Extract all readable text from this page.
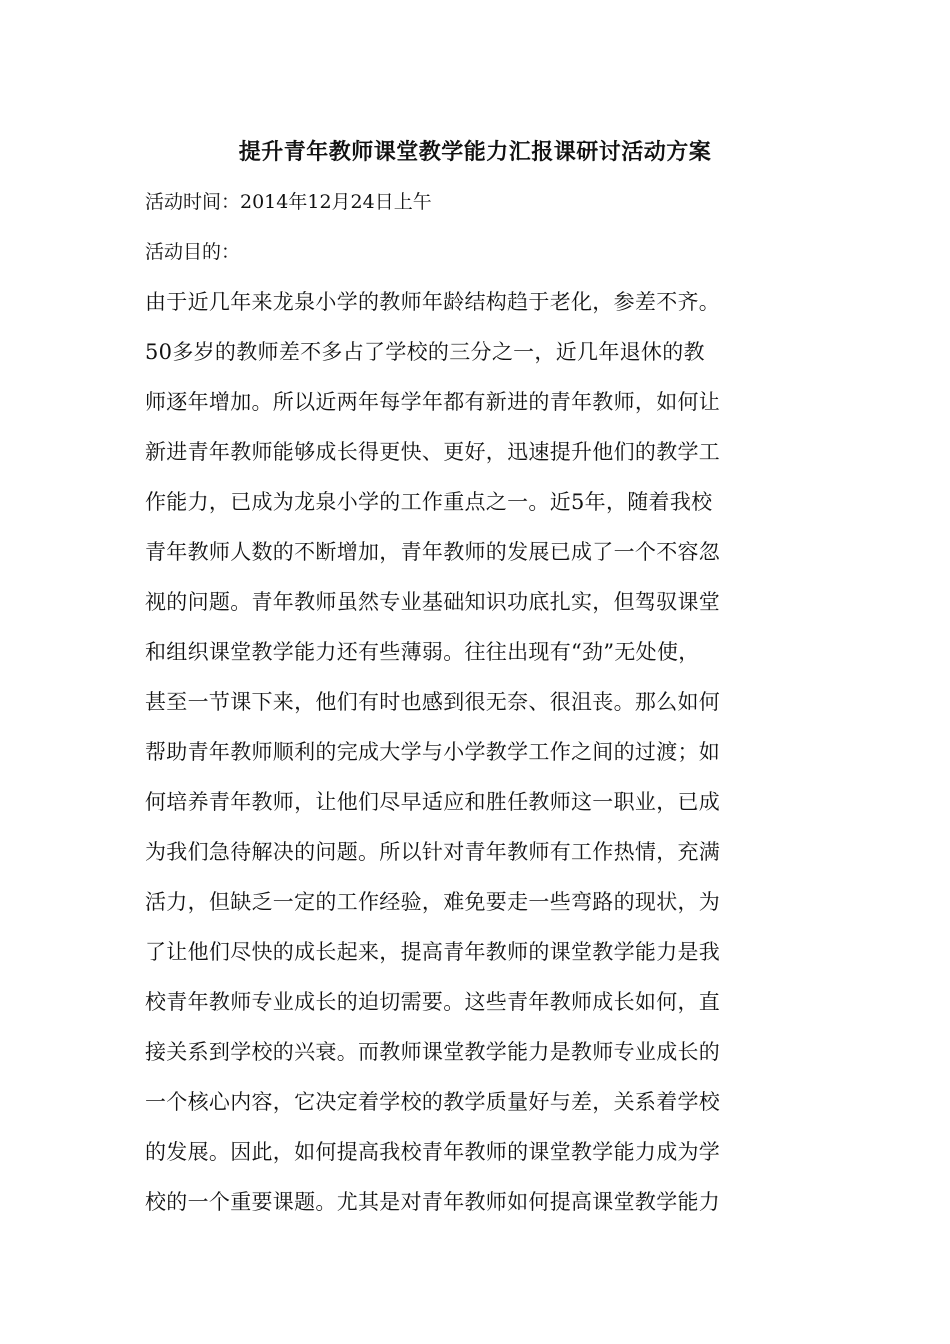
提升青年教师课堂教学能力汇报课研讨活动方案
活动时间：2014年12月24日上午
活动目的：
由于近几年来龙泉小学的教师年龄结构趋于老化，参差不齐。
50多岁的教师差不多占了学校的三分之一，近几年退休的教
师逐年增加。所以近两年每学年都有新进的青年教师，如何让
新进青年教师能够成长得更快、更好，迅速提升他们的教学工
作能力，已成为龙泉小学的工作重点之一。近5年，随着我校
青年教师人数的不断增加，青年教师的发展已成了一个不容忽
视的问题。青年教师虽然专业基础知识功底扎实，但驾驭课堂
和组织课堂教学能力还有些薄弱。往往出现有“劲”无处使，
甚至一节课下来，他们有时也感到很无奈、很沮丧。那么如何
帮助青年教师顺利的完成大学与小学教学工作之间的过渡；如
何培养青年教师，让他们尽早适应和胜任教师这一职业，已成
为我们急待解决的问题。所以针对青年教师有工作热情，充满
活力，但缺乏一定的工作经验，难免要走一些弯路的现状，为
了让他们尽快的成长起来，提高青年教师的课堂教学能力是我
校青年教师专业成长的迫切需要。这些青年教师成长如何，直
接关系到学校的兴衰。而教师课堂教学能力是教师专业成长的
一个核心内容，它决定着学校的教学质量好与差，关系着学校
的发展。因此，如何提高我校青年教师的课堂教学能力成为学
校的一个重要课题。尤其是对青年教师如何提高课堂教学能力
